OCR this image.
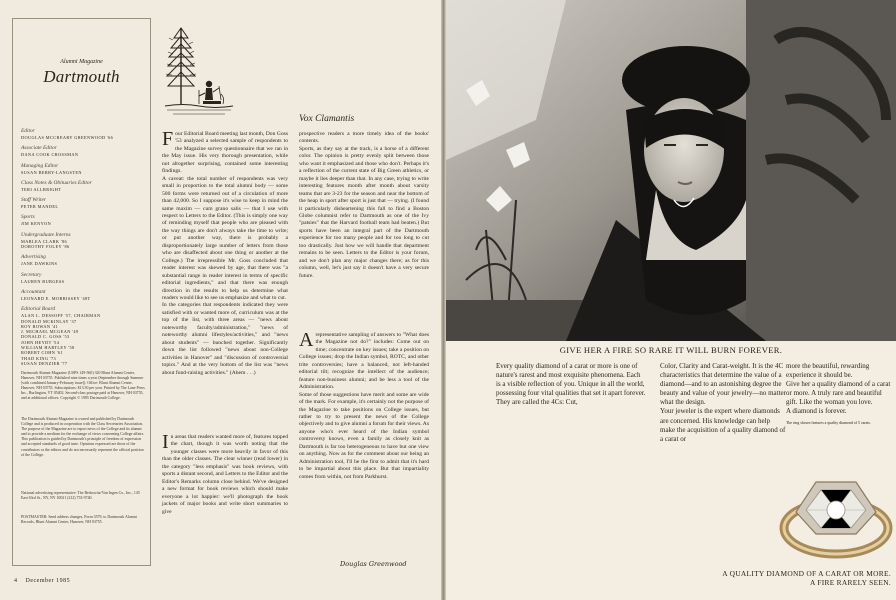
Alumni Magazine
Dartmouth
Editor
DOUGLAS MCCREARY GREENWOOD '66
Associate Editor
DANA COOK CROSSMAN
Managing Editor
SUSAN BERRY-LANGSTEN
Class Notes & Obituaries Editor
TERI ALLBRIGHT
Staff Writer
PETER MANDEL
Sports
JIM KENYON
Undergraduate Interns
MARLEA CLARK '86
DOROTHY FOLEY '86
Advertising
JANE DAWKINS
Secretary
LAUREN BURGESS
Accountant
LEONARD E. MORRISSEY '48T
Editorial Board
ALAN L. DESSOFF '57, CHAIRMAN
DONALD MCKINLAY '37
ROY ROWAN '41
J. MICHAEL MCGEAN '49
DONALD C. GOSS '53
JOHN HEYDT '54
WILLIAM HARTLEY '58
ROBERT COHN '61
THAD KING '73
SUSAN DENZIER '77

Dartmouth Alumni Magazine (USPS 149-560) 320 Blunt Alumni Center, Hanover, NH 03755. Published nine times a year (September through Summer [with combined January-February issue]). Office: Blunt Alumni Center, Hanover, NH 03755. Subscriptions: $13.50 per year. Printed by The Lane Press Inc., Burlington, VT 05402. Second-class postage paid at Hanover, NH 03755, and at additional offices. Copyright © 1985 Dartmouth College.

The Dartmouth Alumni Magazine is owned and published by Dartmouth College and is produced in cooperation with the Class Secretaries Association. The purpose of the Magazine are to report news of the College and its alumni and to provide a medium for the exchange of views concerning College affairs. This publication is guided by Dartmouth's principle of freedom of expression and accepted standards of good taste. Opinions expressed are those of the contributors or the editors and do not necessarily represent the official position of the College.

National advertising representative: The Berkowitz/Van Ingen Co., Inc., 145 East 63rd St., NY, NY 10021 (212) 753-9740.

POSTMASTER: Send address changes, Form 3579, to Dartmouth Alumni Records, Blunt Alumni Center, Hanover, NH 03755.

Vox Clamantis
Four Editorial Board meeting last month, Don Goss '53 analyzed a selected sample of respondents to the Magazine survey questionnaire that we ran in the May issue. His very thorough presentation, while not altogether surprising, contained some interesting findings.
A caveat: the total number of respondents was very small in proportion to the total alumni body — some 500 forms were returned out of a circulation of more than 42,000. So I suppose it's wise to keep in mind the same maxim — cum grano salis — that I use with respect to Letters to the Editor. (This is simply one way of reminding myself that people who are pleased with the way things are don't always take the time to write; or put another way, there is probably a disproportionately large number of letters from those who are disaffected about one thing or another at the College.) The irrepressible Mr. Goss concluded that reader interest was skewed by age, that there was "a substantial range in reader interest in terms of specific editorial ingredients," and that there was enough direction in the results to help us determine what readers would like to see us emphasize and what to cut.
In the categories that respondents indicated they were satisfied with or wanted more of, curriculum was at the top of the list, with three areas — "news about noteworthy faculty/administration," "news of noteworthy alumni lifestyles/activities," and "news about students" — bunched together. Significantly down the list followed "news about non-College activities in Hanover" and "discussion of controversial topics." And at the very bottom of the list was "news about fund-raising activities." (Ahem . . .)
In areas that readers wanted more of, features topped the chart, though it was worth noting that the younger classes were more heavily in favor of this than the older classes. The clear winner (read lower) in the category "less emphasis" was book reviews, with sports a distant second, and Letters to the Editor and the Editor's Remarks column close behind. We've designed a new format for book reviews which should make everyone a lot happier: we'll photograph the book jackets of major books and write short summaries to give
prospective readers a more timely idea of the books' contents.
Sports, as they say at the track, is a horse of a different color. The opinion is pretty evenly split between those who want it emphasized and those who don't. Perhaps it's a reflection of the current state of Big Green athletics, or maybe it lies deeper than that. In any case, trying to write interesting features month after month about varsity teams that are 3-23 for the season and near the bottom of the heap in sport after sport is just that — trying. (I found it particularly disheartening this fall to find a Boston Globe columnist refer to Dartmouth as one of the Ivy "patsies" that the Harvard football team had beaten.) But sports have been an integral part of the Dartmouth experience for too many people and for too long to cut too drastically. Just how we will handle that department remains to be seen. Letters to the Editor is your forum, and we don't plan any major changes there; as for this column, well, let's just say it doesn't have a very secure future.
Arepresentative sampling of answers to "What does the Magazine not do?" includes: Come out on time; concentrate on key issues; take a position on College issues; drop the Indian symbol, ROTC, and other trite controversies; have a balanced, not left-handed editorial tilt; recognize the intellect of the audience; feature non-business alumni; and be less a tool of the Administration.
Some of those suggestions have merit and some are wide of the mark. For example, it's certainly not the purpose of the Magazine to take positions on College issues, but rather to try to present the news of the College objectively and to give alumni a forum for their views. As anyone who's ever heard of the Indian symbol controversy knows, even a family as closely knit as Dartmouth is far too heterogeneous to have but one view on anything. Now as for the comment about our being an Administration tool, I'll be the first to admit that it's hard to be impartial about this place. But that impartiality comes from within, not from Parkhurst.
Douglas Greenwood
4 December 1985

GIVE HER A FIRE SO RARE IT WILL BURN FOREVER.

Every quality diamond of a carat or more is one of nature's rarest and most exquisite phenomena. Each is a visible reflection of you. Unique in all the world, possessing four vital qualities that set it apart forever. They are called the 4Cs: Cut,

Color, Clarity and Carat-weight. It is the 4C characteristics that determine the value of a diamond—and to an astonishing degree the beauty and value of your jewelry—no matter what the design.
Your jeweler is the expert where diamonds are concerned. His knowledge can help make the acquisition of a quality diamond of a carat or

more the beautiful, rewarding experience it should be.
Give her a quality diamond of a carat or more. A truly rare and beautiful gift. Like the woman you love.
A diamond is forever.

The ring shown features a quality diamond of 5 carats.

A QUALITY DIAMOND OF A CARAT OR MORE.
A FIRE RARELY SEEN.
